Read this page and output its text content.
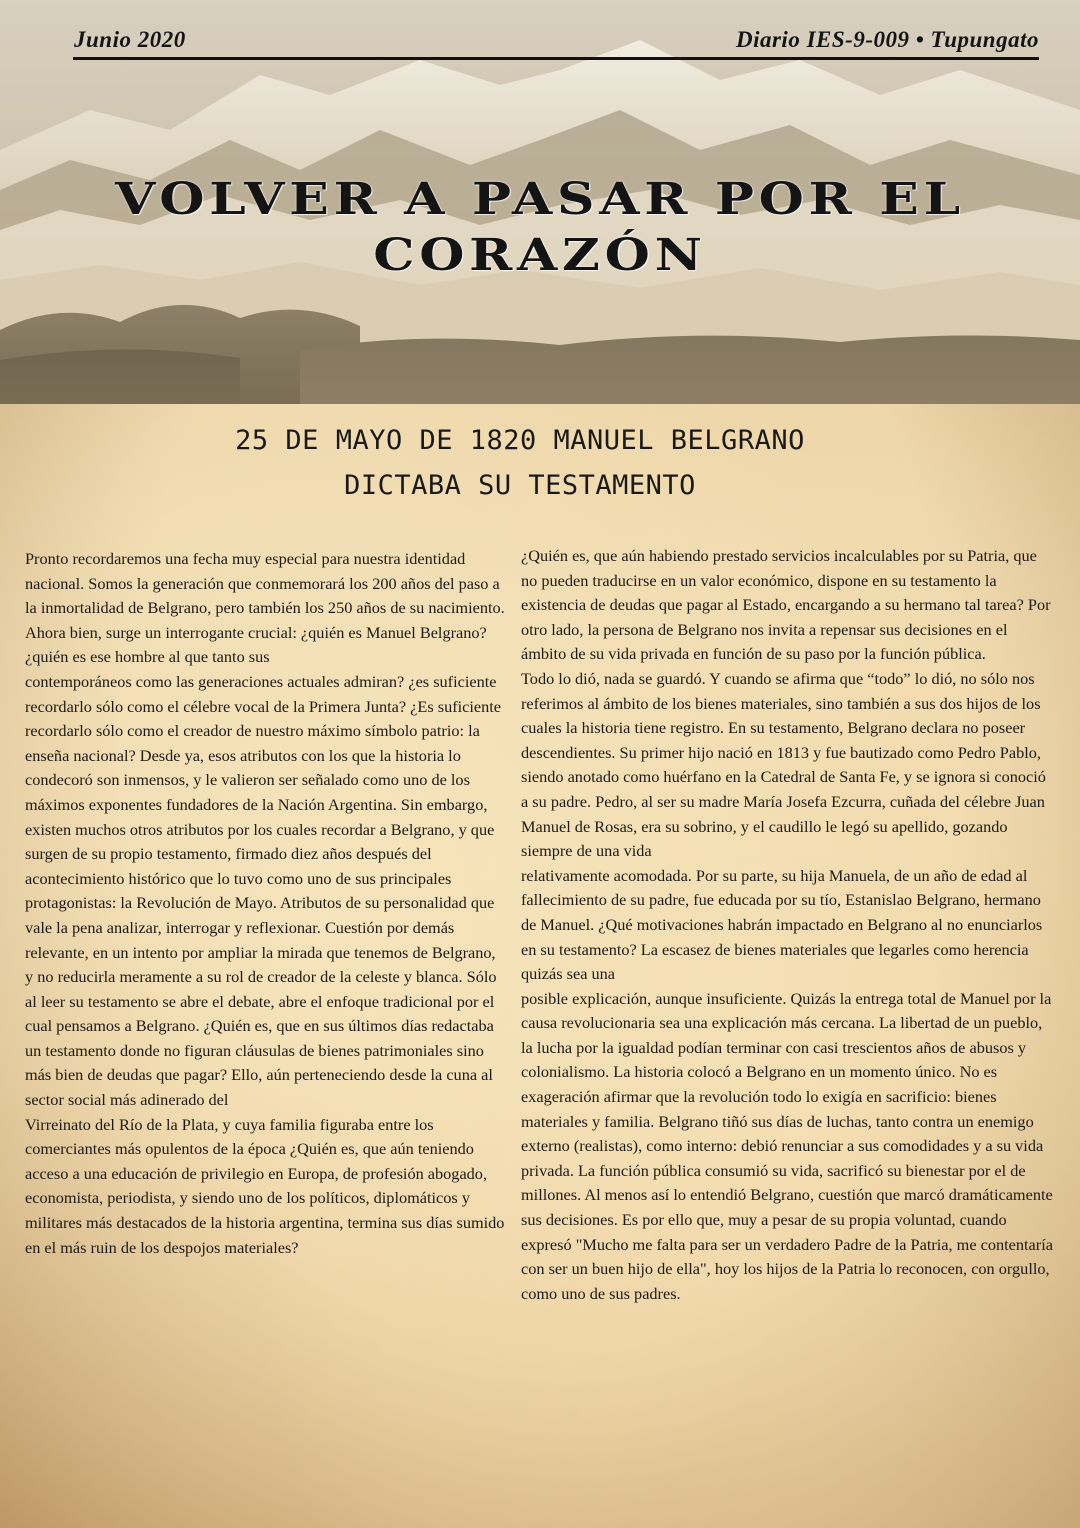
Junio 2020	Diario IES-9-009 • Tupungato
VOLVER A PASAR POR EL
CORAZÓN
25 DE MAYO DE 1820 MANUEL BELGRANO
DICTABA SU TESTAMENTO

Pronto recordaremos una fecha muy especial para nuestra identidad nacional. Somos la generación que conmemorará los 200 años del paso a la inmortalidad de Belgrano, pero también los 250 años de su nacimiento. Ahora bien, surge un interrogante crucial: ¿quién es Manuel Belgrano? ¿quién es ese hombre al que tanto sus

contemporáneos como las generaciones actuales admiran? ¿es suficiente recordarlo sólo como el célebre vocal de la Primera Junta? ¿Es suficiente recordarlo sólo como el creador de nuestro máximo símbolo patrio: la enseña nacional? Desde ya, esos atributos con los que la historia lo condecoró son inmensos, y le valieron ser señalado como uno de los máximos exponentes fundadores de la Nación Argentina. Sin embargo, existen muchos otros atributos por los cuales recordar a Belgrano, y que surgen de su propio testamento, firmado diez años después del acontecimiento histórico que lo tuvo como uno de sus principales protagonistas: la Revolución de Mayo. Atributos de su personalidad que vale la pena analizar, interrogar y reflexionar. Cuestión por demás relevante, en un intento por ampliar la mirada que tenemos de Belgrano, y no reducirla meramente a su rol de creador de la celeste y blanca. Sólo al leer su testamento se abre el debate, abre el enfoque tradicional por el cual pensamos a Belgrano. ¿Quién es, que en sus últimos días redactaba un testamento donde no figuran cláusulas de bienes patrimoniales sino más bien de deudas que pagar? Ello, aún perteneciendo desde la cuna al sector social más adinerado del

Virreinato del Río de la Plata, y cuya familia figuraba entre los comerciantes más opulentos de la época ¿Quién es, que aún teniendo acceso a una educación de privilegio en Europa, de profesión abogado, economista, periodista, y siendo uno de los políticos, diplomáticos y militares más destacados de la historia argentina, termina sus días sumido en el más ruin de los despojos materiales?

¿Quién es, que aún habiendo prestado servicios incalculables por su Patria, que no pueden traducirse en un valor económico, dispone en su testamento la existencia de deudas que pagar al Estado, encargando a su hermano tal tarea? Por otro lado, la persona de Belgrano nos invita a repensar sus decisiones en el ámbito de su vida privada en función de su paso por la función pública.

Todo lo dió, nada se guardó. Y cuando se afirma que “todo” lo dió, no sólo nos referimos al ámbito de los bienes materiales, sino también a sus dos hijos de los cuales la historia tiene registro. En su testamento, Belgrano declara no poseer

descendientes. Su primer hijo nació en 1813 y fue bautizado como Pedro Pablo, siendo anotado como huérfano en la Catedral de Santa Fe, y se ignora si conoció a su padre. Pedro, al ser su madre María Josefa Ezcurra, cuñada del célebre Juan Manuel de Rosas, era su sobrino, y el caudillo le legó su apellido, gozando siempre de una vida

relativamente acomodada. Por su parte, su hija Manuela, de un año de edad al fallecimiento de su padre, fue educada por su tío, Estanislao Belgrano, hermano de Manuel. ¿Qué motivaciones habrán impactado en Belgrano al no enunciarlos en su testamento? La escasez de bienes materiales que legarles como herencia quizás sea una

posible explicación, aunque insuficiente. Quizás la entrega total de Manuel por la causa revolucionaria sea una explicación más cercana. La libertad de un pueblo, la lucha por la igualdad podían terminar con casi trescientos años de abusos y colonialismo. La historia colocó a Belgrano en un momento único. No es exageración afirmar que la revolución todo lo exigía en sacrificio: bienes materiales y familia. Belgrano tiñó sus días de luchas, tanto contra un enemigo externo (realistas), como interno: debió renunciar a sus comodidades y a su vida privada. La función pública consumió su vida, sacrificó su bienestar por el de millones. Al menos así lo entendió Belgrano, cuestión que marcó dramáticamente sus decisiones. Es por ello que, muy a pesar de su propia voluntad, cuando expresó "Mucho me falta para ser un verdadero Padre de la Patria, me contentaría con ser un buen hijo de ella", hoy los hijos de la Patria lo reconocen, con orgullo, como uno de sus padres.
